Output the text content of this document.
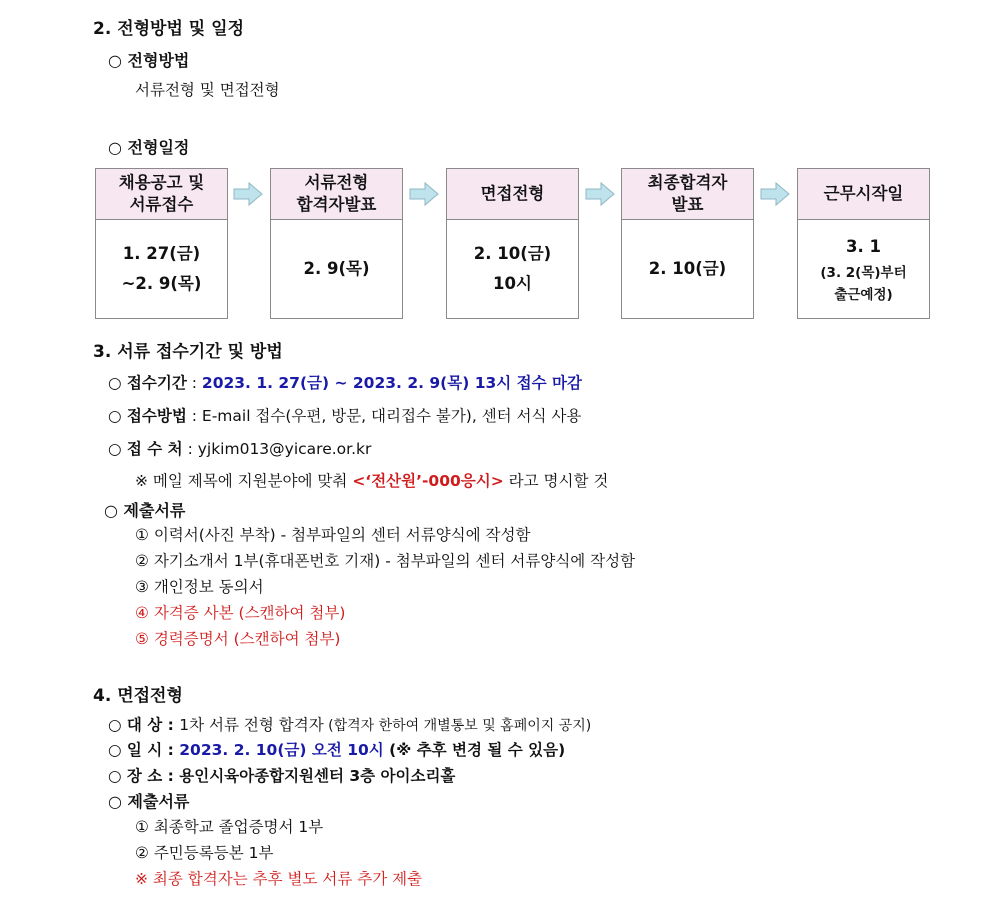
2. 전형방법 및 일정
○ 전형방법
서류전형 및 면접전형
○ 전형일정
채용공고 및
서류접수
1. 27(금)
~2. 9(목)
서류전형
합격자발표
2. 9(목)
면접전형
2. 10(금)
10시
최종합격자
발표
2. 10(금)
근무시작일
3. 1
(3. 2(목)부터
출근예정)
3. 서류 접수기간 및 방법
○ 접수기간 : 2023. 1. 27(금) ~ 2023. 2. 9(목) 13시 접수 마감
○ 접수방법 : E-mail 접수(우편, 방문, 대리접수 불가), 센터 서식 사용
○ 접 수 처 : yjkim013@yicare.or.kr
※ 메일 제목에 지원분야에 맞춰 <‘전산원’-000응시> 라고 명시할 것
○ 제출서류
① 이력서(사진 부착) - 첨부파일의 센터 서류양식에 작성함
② 자기소개서 1부(휴대폰번호 기재) - 첨부파일의 센터 서류양식에 작성함
③ 개인정보 동의서
④ 자격증 사본 (스캔하여 첨부)
⑤ 경력증명서 (스캔하여 첨부)
4. 면접전형
○ 대 상 : 1차 서류 전형 합격자 (합격자 한하여 개별통보 및 홈페이지 공지)
○ 일 시 : 2023. 2. 10(금) 오전 10시 (※ 추후 변경 될 수 있음)
○ 장 소 : 용인시육아종합지원센터 3층 아이소리홀
○ 제출서류
① 최종학교 졸업증명서 1부
② 주민등록등본 1부
※ 최종 합격자는 추후 별도 서류 추가 제출
